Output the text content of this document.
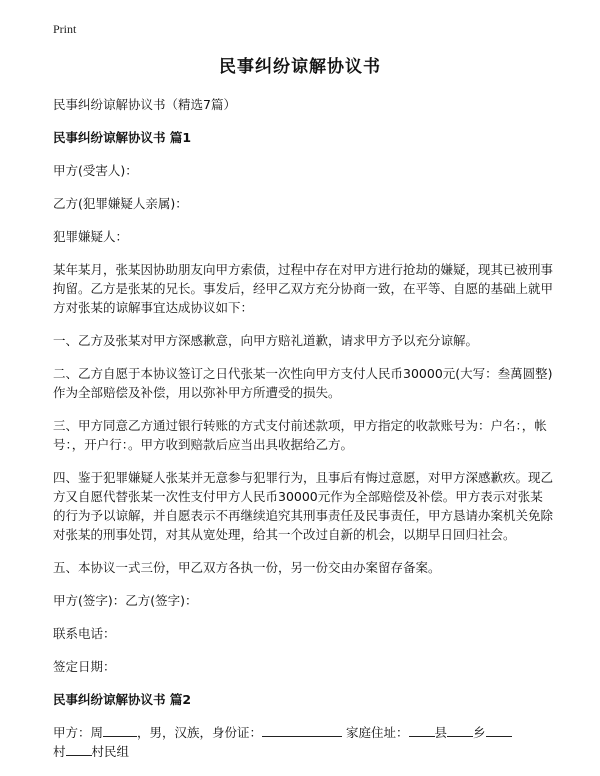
Print
民事纠纷谅解协议书

民事纠纷谅解协议书（精选7篇）

民事纠纷谅解协议书 篇1

甲方(受害人)：

乙方(犯罪嫌疑人亲属)：

犯罪嫌疑人：

某年某月，张某因协助朋友向甲方索债，过程中存在对甲方进行抢劫的嫌疑，现其已被刑事拘留。乙方是张某的兄长。事发后，经甲乙双方充分协商一致，在平等、自愿的基础上就甲方对张某的谅解事宜达成协议如下：

一、乙方及张某对甲方深感歉意，向甲方赔礼道歉，请求甲方予以充分谅解。

二、乙方自愿于本协议签订之日代张某一次性向甲方支付人民币30000元(大写：叁萬圆整)作为全部赔偿及补偿，用以弥补甲方所遭受的损失。

三、甲方同意乙方通过银行转账的方式支付前述款项，甲方指定的收款账号为：户名：，帐号：，开户行：。甲方收到赔款后应当出具收据给乙方。

四、鉴于犯罪嫌疑人张某并无意参与犯罪行为，且事后有悔过意愿，对甲方深感歉疚。现乙方又自愿代替张某一次性支付甲方人民币30000元作为全部赔偿及补偿。甲方表示对张某的行为予以谅解，并自愿表示不再继续追究其刑事责任及民事责任，甲方恳请办案机关免除对张某的刑事处罚，对其从宽处理，给其一个改过自新的机会，以期早日回归社会。

五、本协议一式三份，甲乙双方各执一份，另一份交由办案留存备案。

甲方(签字)：乙方(签字)：

联系电话：

签定日期：

民事纠纷谅解协议书 篇2

甲方：周	，男，汉族，身份证：	家庭住址： 县 乡
村 村民组
